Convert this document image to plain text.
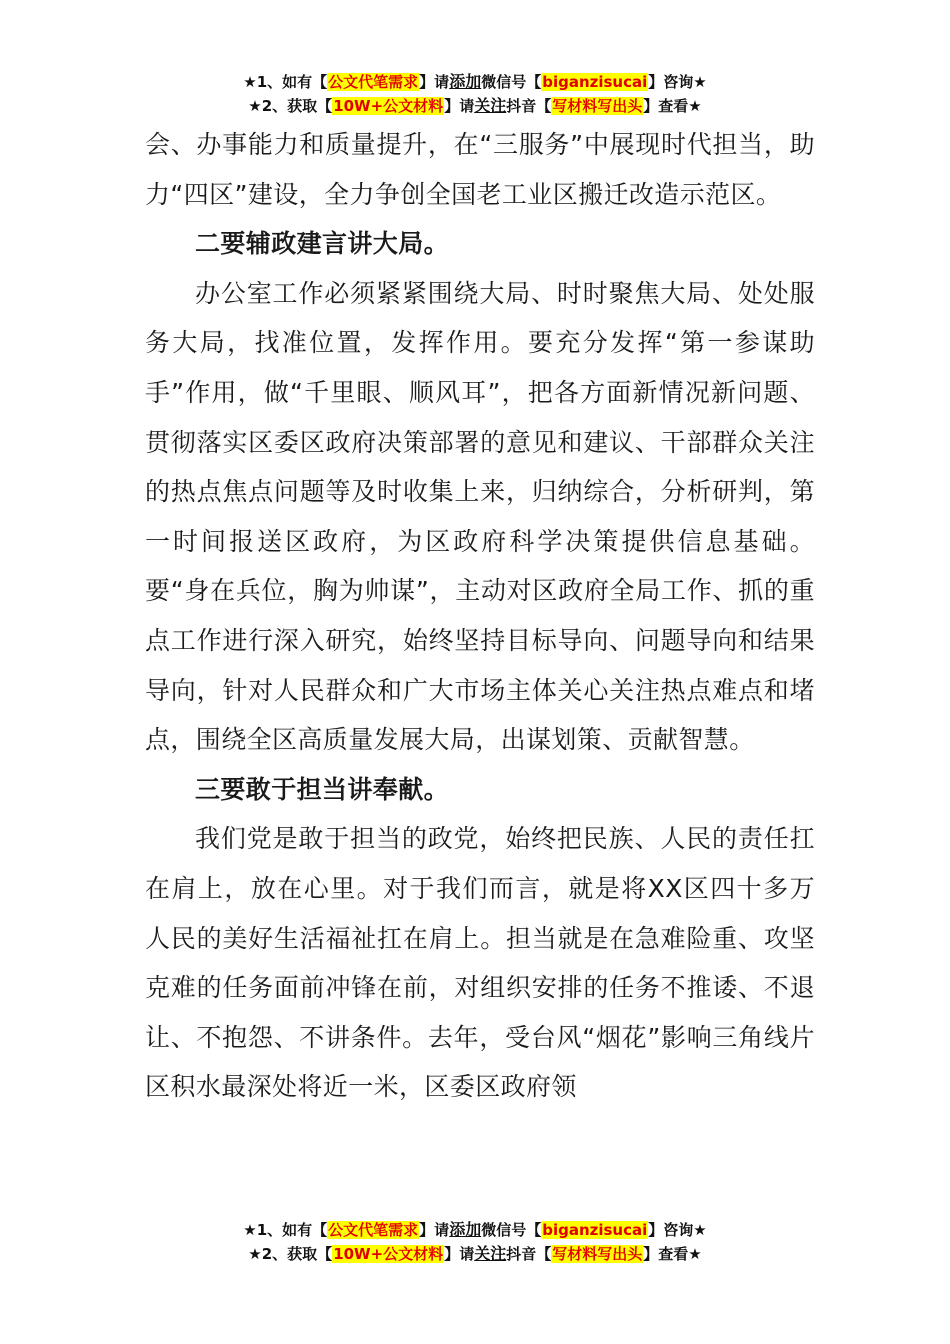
★1、如有【公文代笔需求】请添加微信号【biganzisucai】咨询★
★2、获取【10W+公文材料】请关注抖音【写材料写出头】查看★

会、办事能力和质量提升，在“三服务”中展现时代担当，助力“四区”建设，全力争创全国老工业区搬迁改造示范区。

二要辅政建言讲大局。

办公室工作必须紧紧围绕大局、时时聚焦大局、处处服务大局，找准位置，发挥作用。要充分发挥“第一参谋助手”作用，做“千里眼、顺风耳”，把各方面新情况新问题、贯彻落实区委区政府决策部署的意见和建议、干部群众关注的热点焦点问题等及时收集上来，归纳综合，分析研判，第一时间报送区政府，为区政府科学决策提供信息基础。要“身在兵位，胸为帅谋”，主动对区政府全局工作、抓的重点工作进行深入研究，始终坚持目标导向、问题导向和结果导向，针对人民群众和广大市场主体关心关注热点难点和堵点，围绕全区高质量发展大局，出谋划策、贡献智慧。

三要敢于担当讲奉献。

我们党是敢于担当的政党，始终把民族、人民的责任扛在肩上，放在心里。对于我们而言，就是将XX区四十多万人民的美好生活福祉扛在肩上。担当就是在急难险重、攻坚克难的任务面前冲锋在前，对组织安排的任务不推诿、不退让、不抱怨、不讲条件。去年，受台风“烟花”影响三角线片区积水最深处将近一米，区委区政府领

★1、如有【公文代笔需求】请添加微信号【biganzisucai】咨询★
★2、获取【10W+公文材料】请关注抖音【写材料写出头】查看★
